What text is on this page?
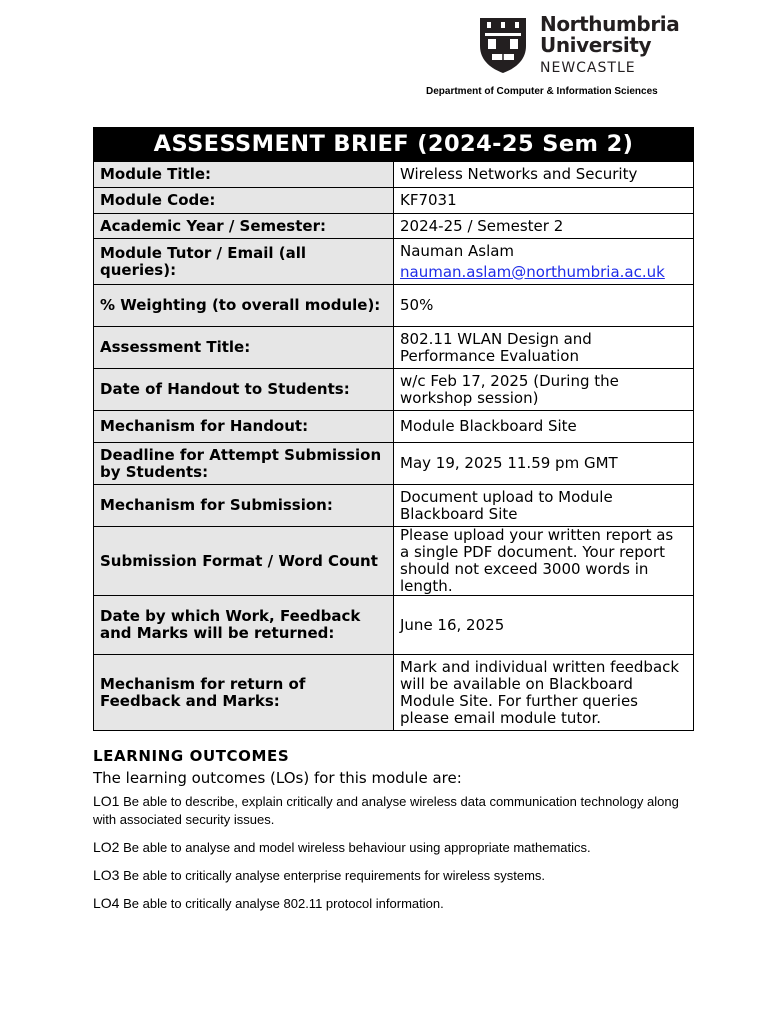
Northumbria
University
NEWCASTLE
Department of Computer & Information Sciences
ASSESSMENT BRIEF (2024-25 Sem 2)	
Module Title:	Wireless Networks and Security
Module Code:	KF7031
Academic Year / Semester:	2024-25 / Semester 2
Module Tutor / Email (all queries):	Nauman Aslam
nauman.aslam@northumbria.ac.uk

% Weighting (to overall module):	50%
Assessment Title:	802.11 WLAN Design and Performance Evaluation
Date of Handout to Students:	w/c Feb 17, 2025 (During the workshop session)
Mechanism for Handout:	Module Blackboard Site
Deadline for Attempt Submission by Students:	May 19, 2025 11.59 pm GMT
Mechanism for Submission:	Document upload to Module Blackboard Site
Submission Format / Word Count	Please upload your written report as a single PDF document. Your report should not exceed 3000 words in length.
Date by which Work, Feedback and Marks will be returned:	June 16, 2025
Mechanism for return of Feedback and Marks:	Mark and individual written feedback will be available on Blackboard Module Site. For further queries please email module tutor.

LEARNING OUTCOMES

The learning outcomes (LOs) for this module are:

LO1 Be able to describe, explain critically and analyse wireless data communication technology along with associated security issues.

LO2 Be able to analyse and model wireless behaviour using appropriate mathematics.

LO3 Be able to critically analyse enterprise requirements for wireless systems.

LO4 Be able to critically analyse 802.11 protocol information.
